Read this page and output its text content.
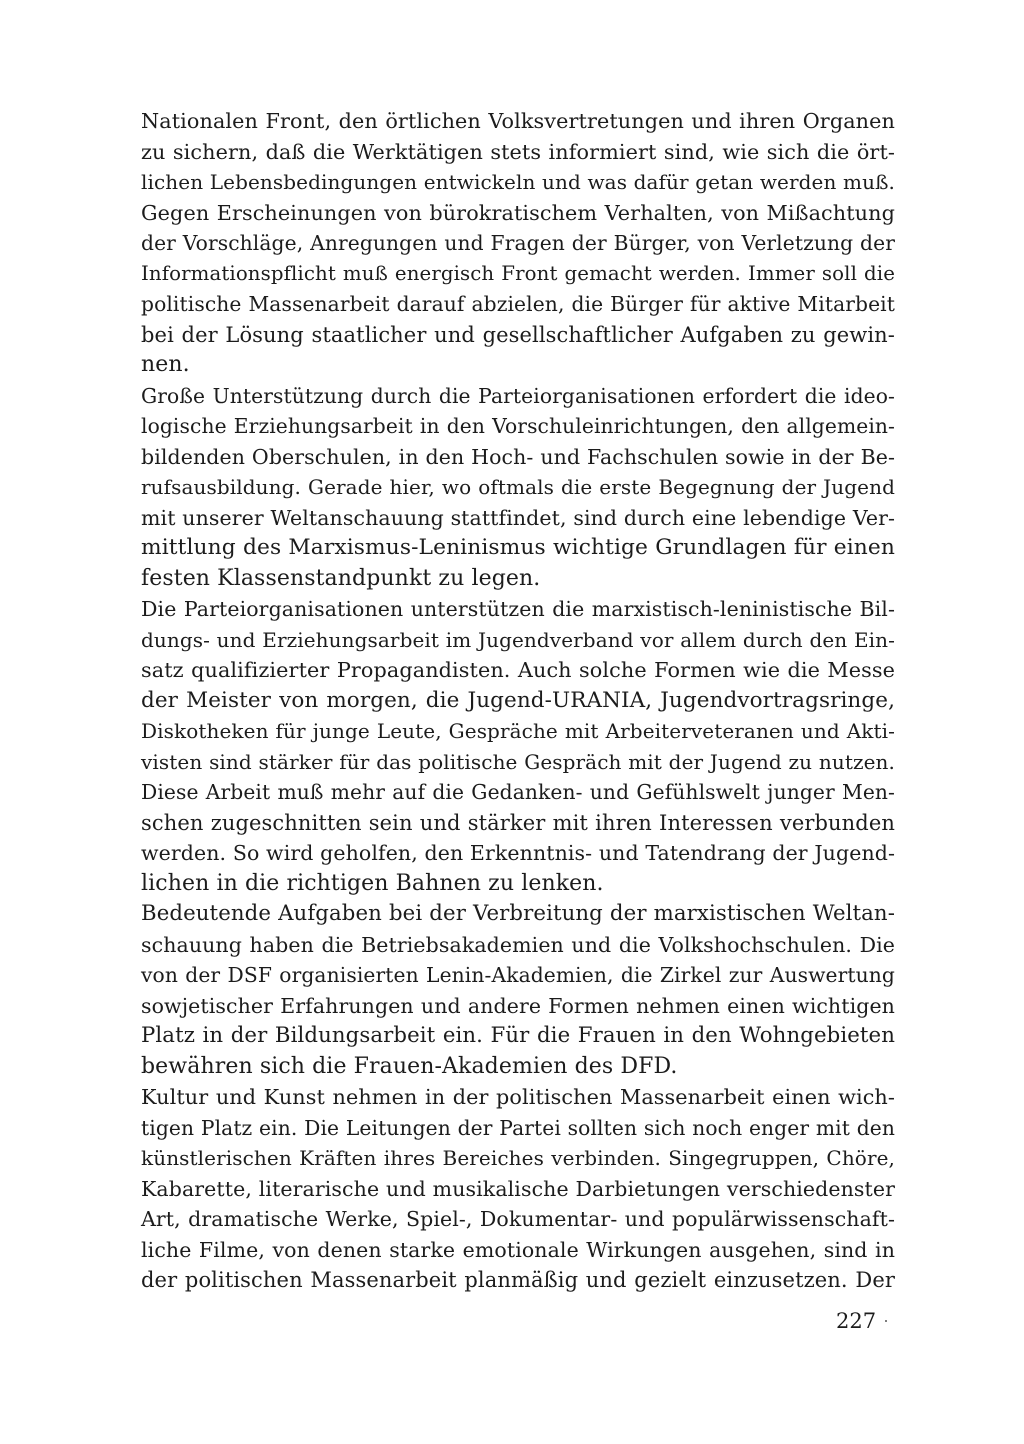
Nationalen Front, den örtlichen Volksvertretungen und ihren Organen
zu sichern, daß die Werktätigen stets informiert sind, wie sich die ört-
lichen Lebensbedingungen entwickeln und was dafür getan werden muß.
Gegen Erscheinungen von bürokratischem Verhalten, von Mißachtung
der Vorschläge, Anregungen und Fragen der Bürger, von Verletzung der
Informationspflicht muß energisch Front gemacht werden. Immer soll die
politische Massenarbeit darauf abzielen, die Bürger für aktive Mitarbeit
bei der Lösung staatlicher und gesellschaftlicher Aufgaben zu gewin-
nen.
Große Unterstützung durch die Parteiorganisationen erfordert die ideo-
logische Erziehungsarbeit in den Vorschuleinrichtungen, den allgemein-
bildenden Oberschulen, in den Hoch- und Fachschulen sowie in der Be-
rufsausbildung. Gerade hier, wo oftmals die erste Begegnung der Jugend
mit unserer Weltanschauung stattfindet, sind durch eine lebendige Ver-
mittlung des Marxismus-Leninismus wichtige Grundlagen für einen
festen Klassenstandpunkt zu legen.
Die Parteiorganisationen unterstützen die marxistisch-leninistische Bil-
dungs- und Erziehungsarbeit im Jugendverband vor allem durch den Ein-
satz qualifizierter Propagandisten. Auch solche Formen wie die Messe
der Meister von morgen, die Jugend-URANIA, Jugendvortragsringe,
Diskotheken für junge Leute, Gespräche mit Arbeiterveteranen und Akti-
visten sind stärker für das politische Gespräch mit der Jugend zu nutzen.
Diese Arbeit muß mehr auf die Gedanken- und Gefühlswelt junger Men-
schen zugeschnitten sein und stärker mit ihren Interessen verbunden
werden. So wird geholfen, den Erkenntnis- und Tatendrang der Jugend-
lichen in die richtigen Bahnen zu lenken.
Bedeutende Aufgaben bei der Verbreitung der marxistischen Weltan-
schauung haben die Betriebsakademien und die Volkshochschulen. Die
von der DSF organisierten Lenin-Akademien, die Zirkel zur Auswertung
sowjetischer Erfahrungen und andere Formen nehmen einen wichtigen
Platz in der Bildungsarbeit ein. Für die Frauen in den Wohngebieten
bewähren sich die Frauen-Akademien des DFD.
Kultur und Kunst nehmen in der politischen Massenarbeit einen wich-
tigen Platz ein. Die Leitungen der Partei sollten sich noch enger mit den
künstlerischen Kräften ihres Bereiches verbinden. Singegruppen, Chöre,
Kabarette, literarische und musikalische Darbietungen verschiedenster
Art, dramatische Werke, Spiel-, Dokumentar- und populärwissenschaft-
liche Filme, von denen starke emotionale Wirkungen ausgehen, sind in
der politischen Massenarbeit planmäßig und gezielt einzusetzen. Der
227
